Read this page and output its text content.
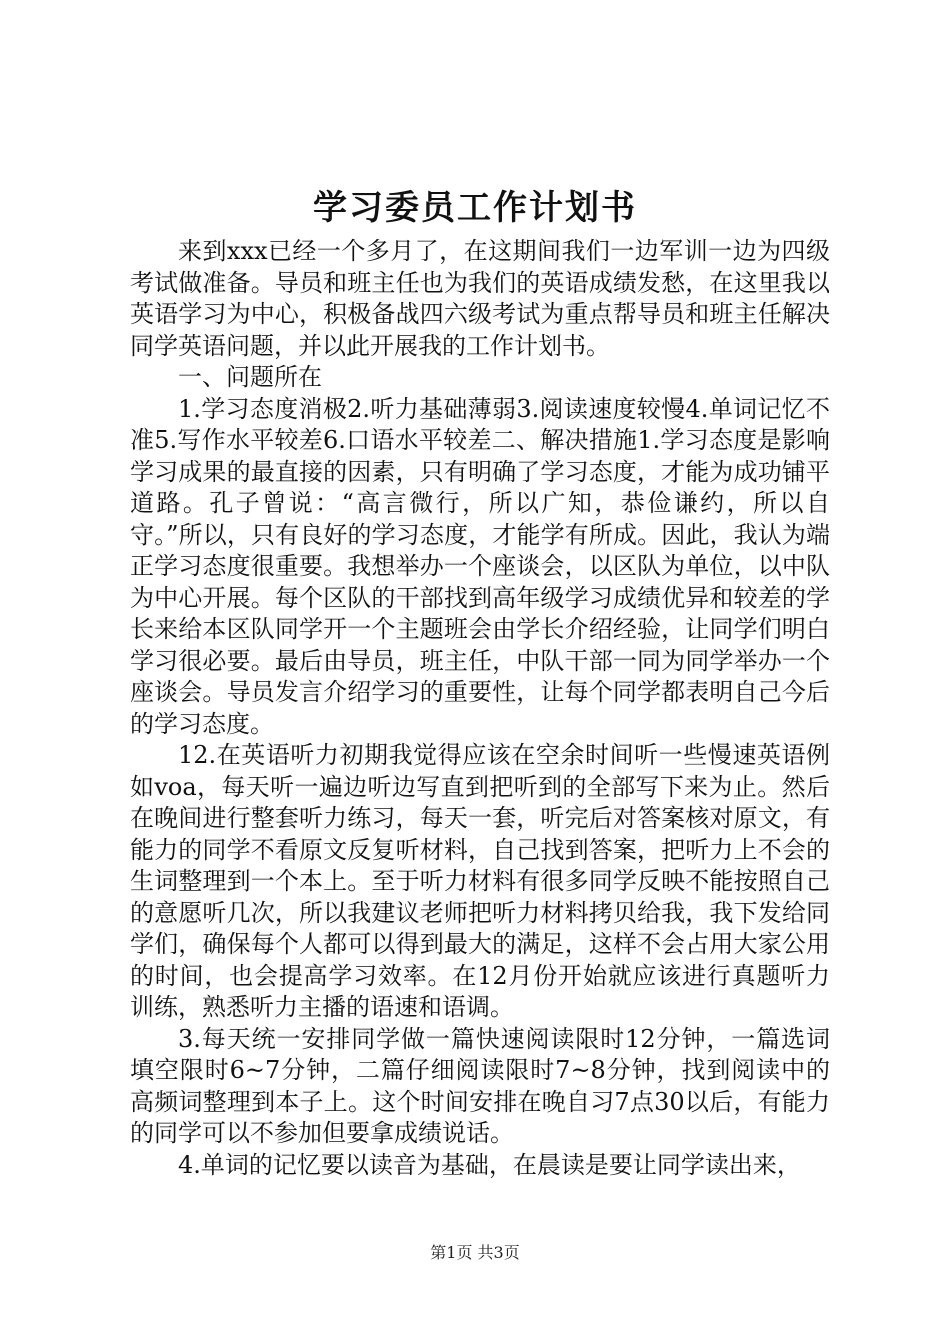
学习委员工作计划书

来到xxx已经一个多月了，在这期间我们一边军训一边为四级考试做准备。导员和班主任也为我们的英语成绩发愁，在这里我以英语学习为中心，积极备战四六级考试为重点帮导员和班主任解决同学英语问题，并以此开展我的工作计划书。

一、问题所在

1.学习态度消极2.听力基础薄弱3.阅读速度较慢4.单词记忆不准5.写作水平较差6.口语水平较差二、解决措施1.学习态度是影响学习成果的最直接的因素，只有明确了学习态度，才能为成功铺平道路。孔子曾说：“高言微行，所以广知，恭俭谦约，所以自守。”所以，只有良好的学习态度，才能学有所成。因此，我认为端正学习态度很重要。我想举办一个座谈会，以区队为单位，以中队为中心开展。每个区队的干部找到高年级学习成绩优异和较差的学长来给本区队同学开一个主题班会由学长介绍经验，让同学们明白学习很必要。最后由导员，班主任，中队干部一同为同学举办一个座谈会。导员发言介绍学习的重要性，让每个同学都表明自己今后的学习态度。

12.在英语听力初期我觉得应该在空余时间听一些慢速英语例如voa，每天听一遍边听边写直到把听到的全部写下来为止。然后在晚间进行整套听力练习，每天一套，听完后对答案核对原文，有能力的同学不看原文反复听材料，自己找到答案，把听力上不会的生词整理到一个本上。至于听力材料有很多同学反映不能按照自己的意愿听几次，所以我建议老师把听力材料拷贝给我，我下发给同学们，确保每个人都可以得到最大的满足，这样不会占用大家公用的时间，也会提高学习效率。在12月份开始就应该进行真题听力训练，熟悉听力主播的语速和语调。

3.每天统一安排同学做一篇快速阅读限时12分钟，一篇选词填空限时6~7分钟，二篇仔细阅读限时7~8分钟，找到阅读中的高频词整理到本子上。这个时间安排在晚自习7点30以后，有能力的同学可以不参加但要拿成绩说话。

4.单词的记忆要以读音为基础，在晨读是要让同学读出来，

第1页 共3页
